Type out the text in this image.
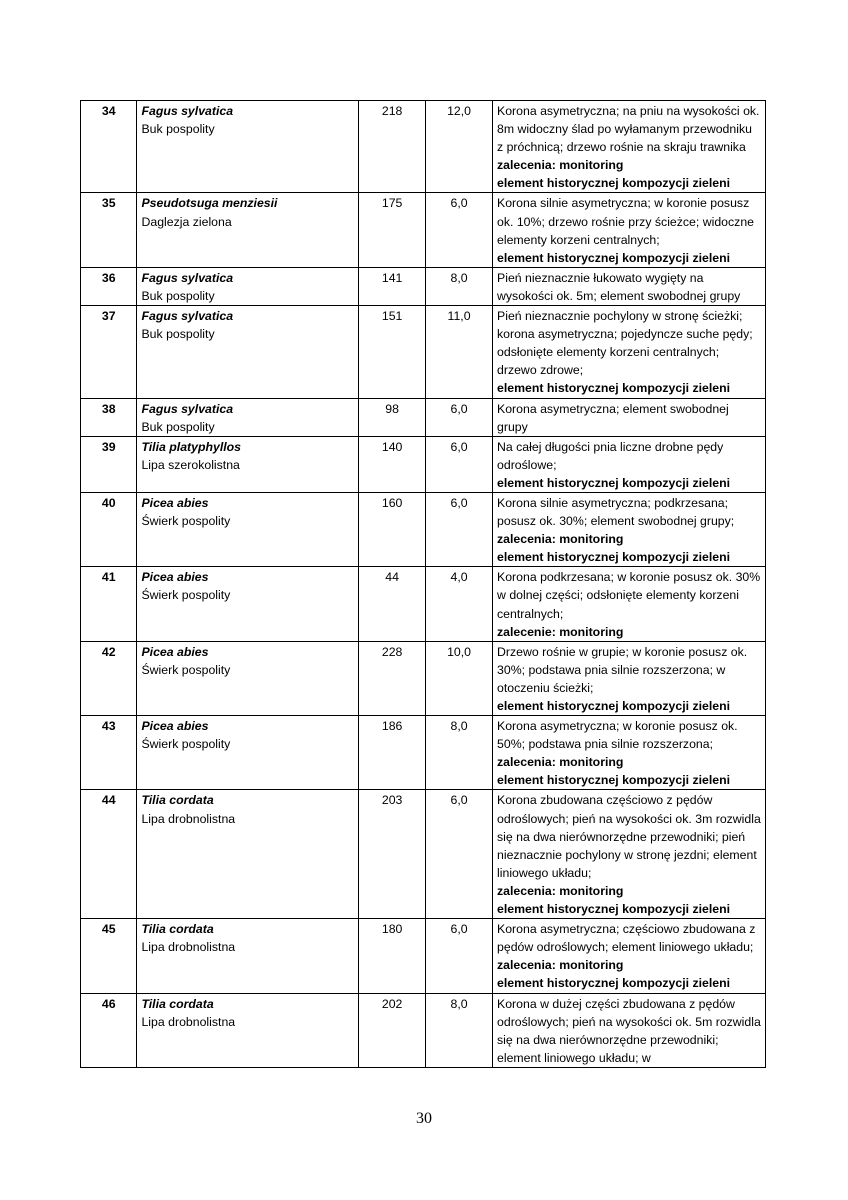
34	Fagus sylvatica
Buk pospolity	218	12,0	Korona asymetryczna; na pniu na wysokości ok. 8m widoczny ślad po wyłamanym przewodniku z próchnicą; drzewo rośnie na skraju trawnika
zalecenia: monitoring
element historycznej kompozycji zieleni

35	Pseudotsuga menziesii
Daglezja zielona	175	6,0	Korona silnie asymetryczna; w koronie posusz ok. 10%; drzewo rośnie przy ścieżce; widoczne elementy korzeni centralnych;
element historycznej kompozycji zieleni

36	Fagus sylvatica
Buk pospolity	141	8,0	Pień nieznacznie łukowato wygięty na wysokości ok. 5m; element swobodnej grupy

37	Fagus sylvatica
Buk pospolity	151	11,0	Pień nieznacznie pochylony w stronę ścieżki; korona asymetryczna; pojedyncze suche pędy; odsłonięte elementy korzeni centralnych; drzewo zdrowe;
element historycznej kompozycji zieleni

38	Fagus sylvatica
Buk pospolity	98	6,0	Korona asymetryczna; element swobodnej grupy

39	Tilia platyphyllos
Lipa szerokolistna	140	6,0	Na całej długości pnia liczne drobne pędy odroślowe;
element historycznej kompozycji zieleni

40	Picea abies
Świerk pospolity	160	6,0	Korona silnie asymetryczna; podkrzesana; posusz ok. 30%; element swobodnej grupy;
zalecenia: monitoring
element historycznej kompozycji zieleni

41	Picea abies
Świerk pospolity	44	4,0	Korona podkrzesana; w koronie posusz ok. 30% w dolnej części; odsłonięte elementy korzeni centralnych;
zalecenie: monitoring

42	Picea abies
Świerk pospolity	228	10,0	Drzewo rośnie w grupie; w koronie posusz ok. 30%; podstawa pnia silnie rozszerzona; w otoczeniu ścieżki;
element historycznej kompozycji zieleni

43	Picea abies
Świerk pospolity	186	8,0	Korona asymetryczna; w koronie posusz ok. 50%; podstawa pnia silnie rozszerzona;
zalecenia: monitoring
element historycznej kompozycji zieleni

44	Tilia cordata
Lipa drobnolistna	203	6,0	Korona zbudowana częściowo z pędów odroślowych; pień na wysokości ok. 3m rozwidla się na dwa nierównorzędne przewodniki; pień nieznacznie pochylony w stronę jezdni; element liniowego układu;
zalecenia: monitoring
element historycznej kompozycji zieleni

45	Tilia cordata
Lipa drobnolistna	180	6,0	Korona asymetryczna; częściowo zbudowana z pędów odroślowych; element liniowego układu;
zalecenia: monitoring
element historycznej kompozycji zieleni

46	Tilia cordata
Lipa drobnolistna	202	8,0	Korona w dużej części zbudowana z pędów odroślowych; pień na wysokości ok. 5m rozwidla się na dwa nierównorzędne przewodniki; element liniowego układu; w
30
